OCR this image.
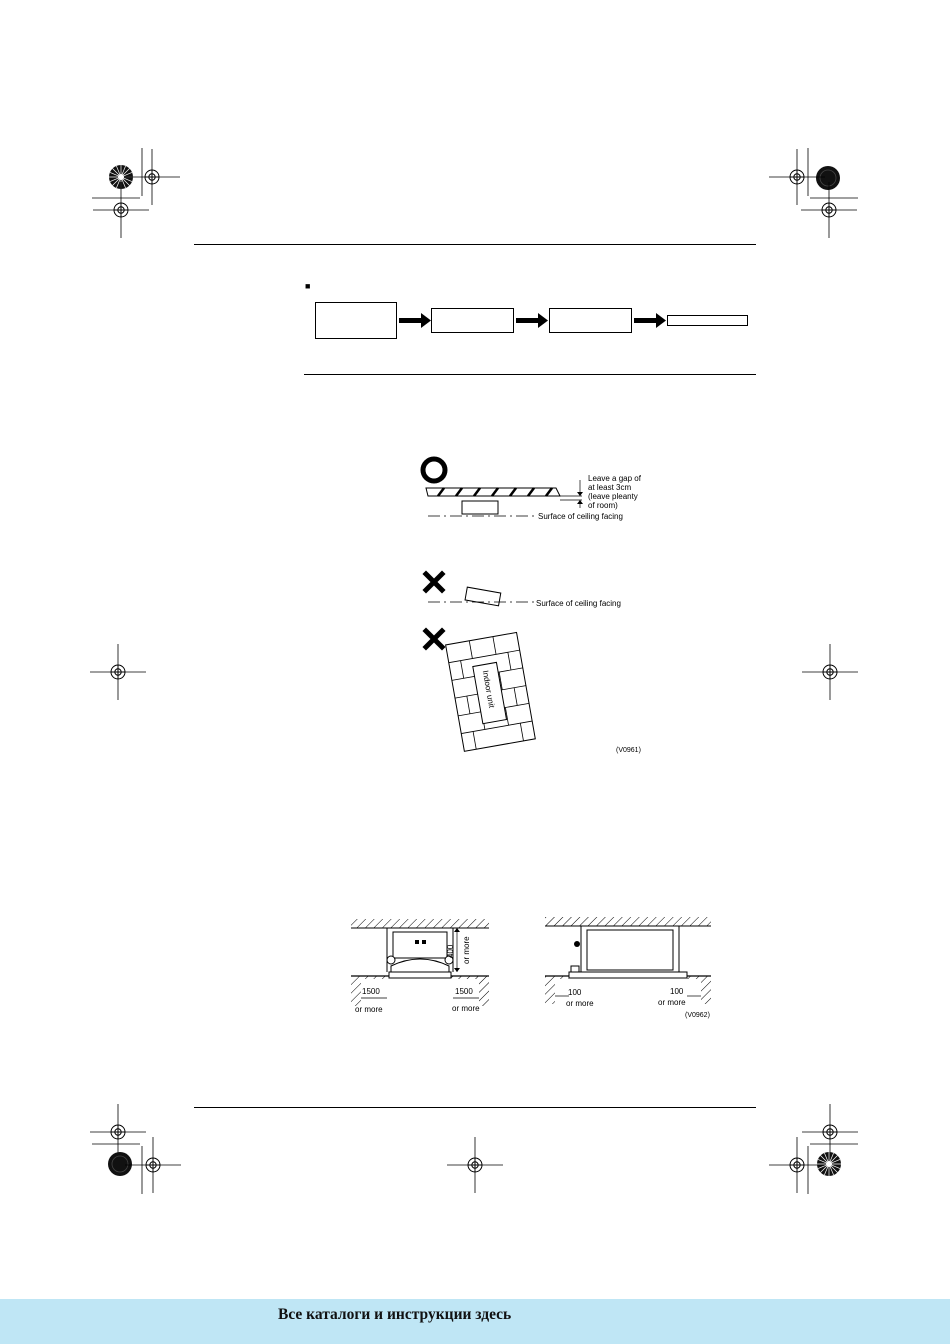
■
Leave a gap of
at least 3cm
(leave pleanty
of room)
Surface of ceiling facing
Surface of ceiling facing
Indoor unit
(V0961)
400 or more
1500
or more
1500
or more
100
or more
100
or more
(V0962)
Все каталоги и инструкции здесь
